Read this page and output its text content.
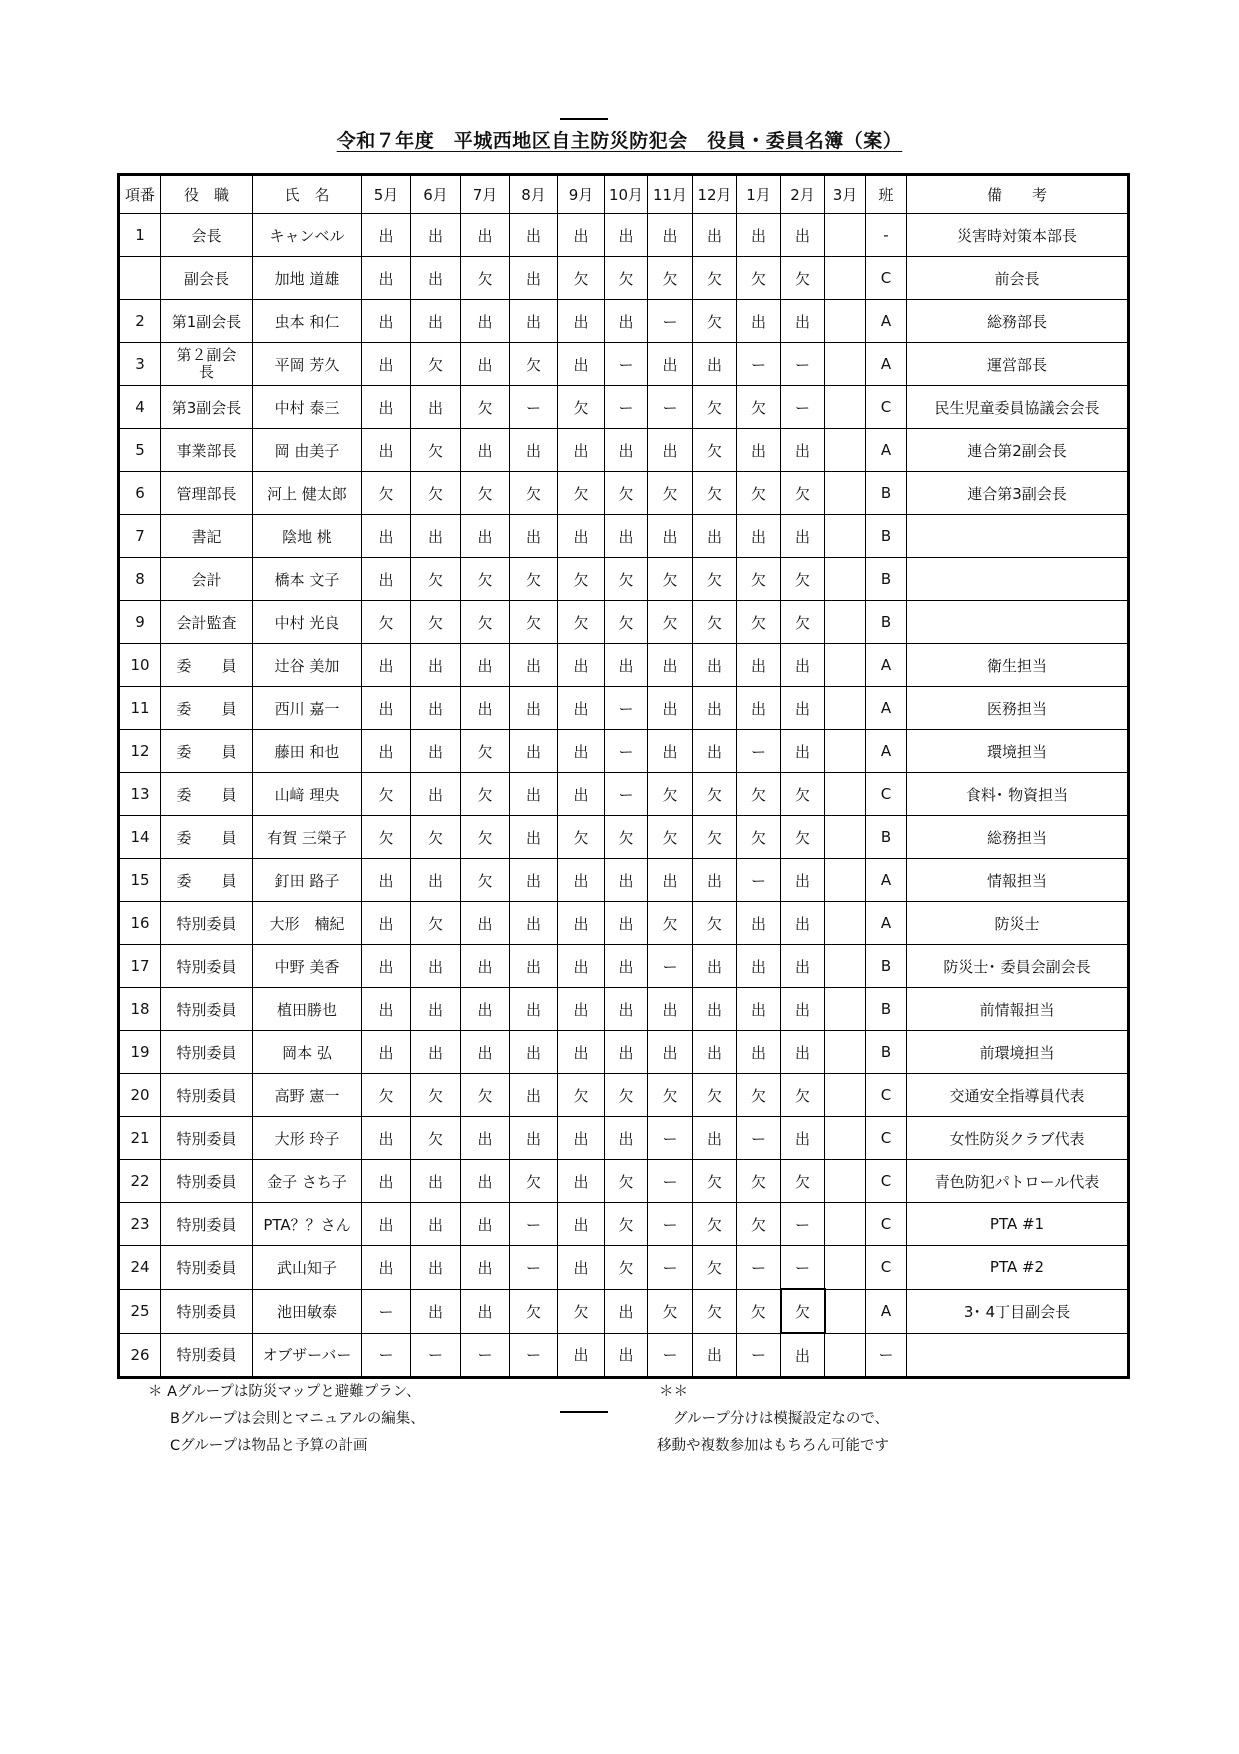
令和７年度　平城西地区自主防災防犯会　役員・委員名簿（案）
項番	役　職	氏　名	5月	6月	7月	8月	9月	10月	11月	12月	1月	2月	3月	班	備　　考
1	会長	キャンベル	出	出	出	出	出	出	出	出	出	出		-	災害時対策本部長
	副会長	加地 道雄	出	出	欠	出	欠	欠	欠	欠	欠	欠		C	前会長
2	第1副会長	虫本 和仁	出	出	出	出	出	出	ー	欠	出	出		A	総務部長
3	第２副会長	平岡 芳久	出	欠	出	欠	出	ー	出	出	ー	ー		A	運営部長
4	第3副会長	中村 泰三	出	出	欠	ー	欠	ー	ー	欠	欠	ー		C	民生児童委員協議会会長
5	事業部長	岡 由美子	出	欠	出	出	出	出	出	欠	出	出		A	連合第2副会長
6	管理部長	河上 健太郎	欠	欠	欠	欠	欠	欠	欠	欠	欠	欠		B	連合第3副会長
7	書記	陰地 桃	出	出	出	出	出	出	出	出	出	出		B	
8	会計	橋本 文子	出	欠	欠	欠	欠	欠	欠	欠	欠	欠		B	
9	会計監査	中村 光良	欠	欠	欠	欠	欠	欠	欠	欠	欠	欠		B	
10	委　　員	辻谷 美加	出	出	出	出	出	出	出	出	出	出		A	衛生担当
11	委　　員	西川 嘉一	出	出	出	出	出	ー	出	出	出	出		A	医務担当
12	委　　員	藤田 和也	出	出	欠	出	出	ー	出	出	ー	出		A	環境担当
13	委　　員	山﨑 理央	欠	出	欠	出	出	ー	欠	欠	欠	欠		C	食料･ 物資担当
14	委　　員	有賀 三榮子	欠	欠	欠	出	欠	欠	欠	欠	欠	欠		B	総務担当
15	委　　員	釘田 路子	出	出	欠	出	出	出	出	出	ー	出		A	情報担当
16	特別委員	大形　楠紀	出	欠	出	出	出	出	欠	欠	出	出		A	防災士
17	特別委員	中野 美香	出	出	出	出	出	出	ー	出	出	出		B	防災士･ 委員会副会長
18	特別委員	植田勝也	出	出	出	出	出	出	出	出	出	出		B	前情報担当
19	特別委員	岡本 弘	出	出	出	出	出	出	出	出	出	出		B	前環境担当
20	特別委員	高野 憲一	欠	欠	欠	出	欠	欠	欠	欠	欠	欠		C	交通安全指導員代表
21	特別委員	大形 玲子	出	欠	出	出	出	出	ー	出	ー	出		C	女性防災クラブ代表
22	特別委員	金子 さち子	出	出	出	欠	出	欠	ー	欠	欠	欠		C	青色防犯パトロール代表
23	特別委員	PTA？？さん	出	出	出	ー	出	欠	ー	欠	欠	ー		C	PTA #1
24	特別委員	武山知子	出	出	出	ー	出	欠	ー	欠	ー	ー		C	PTA #2
25	特別委員	池田敏泰	ー	出	出	欠	欠	出	欠	欠	欠	欠		A	3･ 4丁目副会長
26	特別委員	オブザーバー	ー	ー	ー	ー	出	出	ー	出	ー	出		ー	
＊ Aグループは防災マップと避難プラン、
Bグループは会則とマニュアルの編集、
Cグループは物品と予算の計画
＊＊
グループ分けは模擬設定なので、
移動や複数参加はもちろん可能です
